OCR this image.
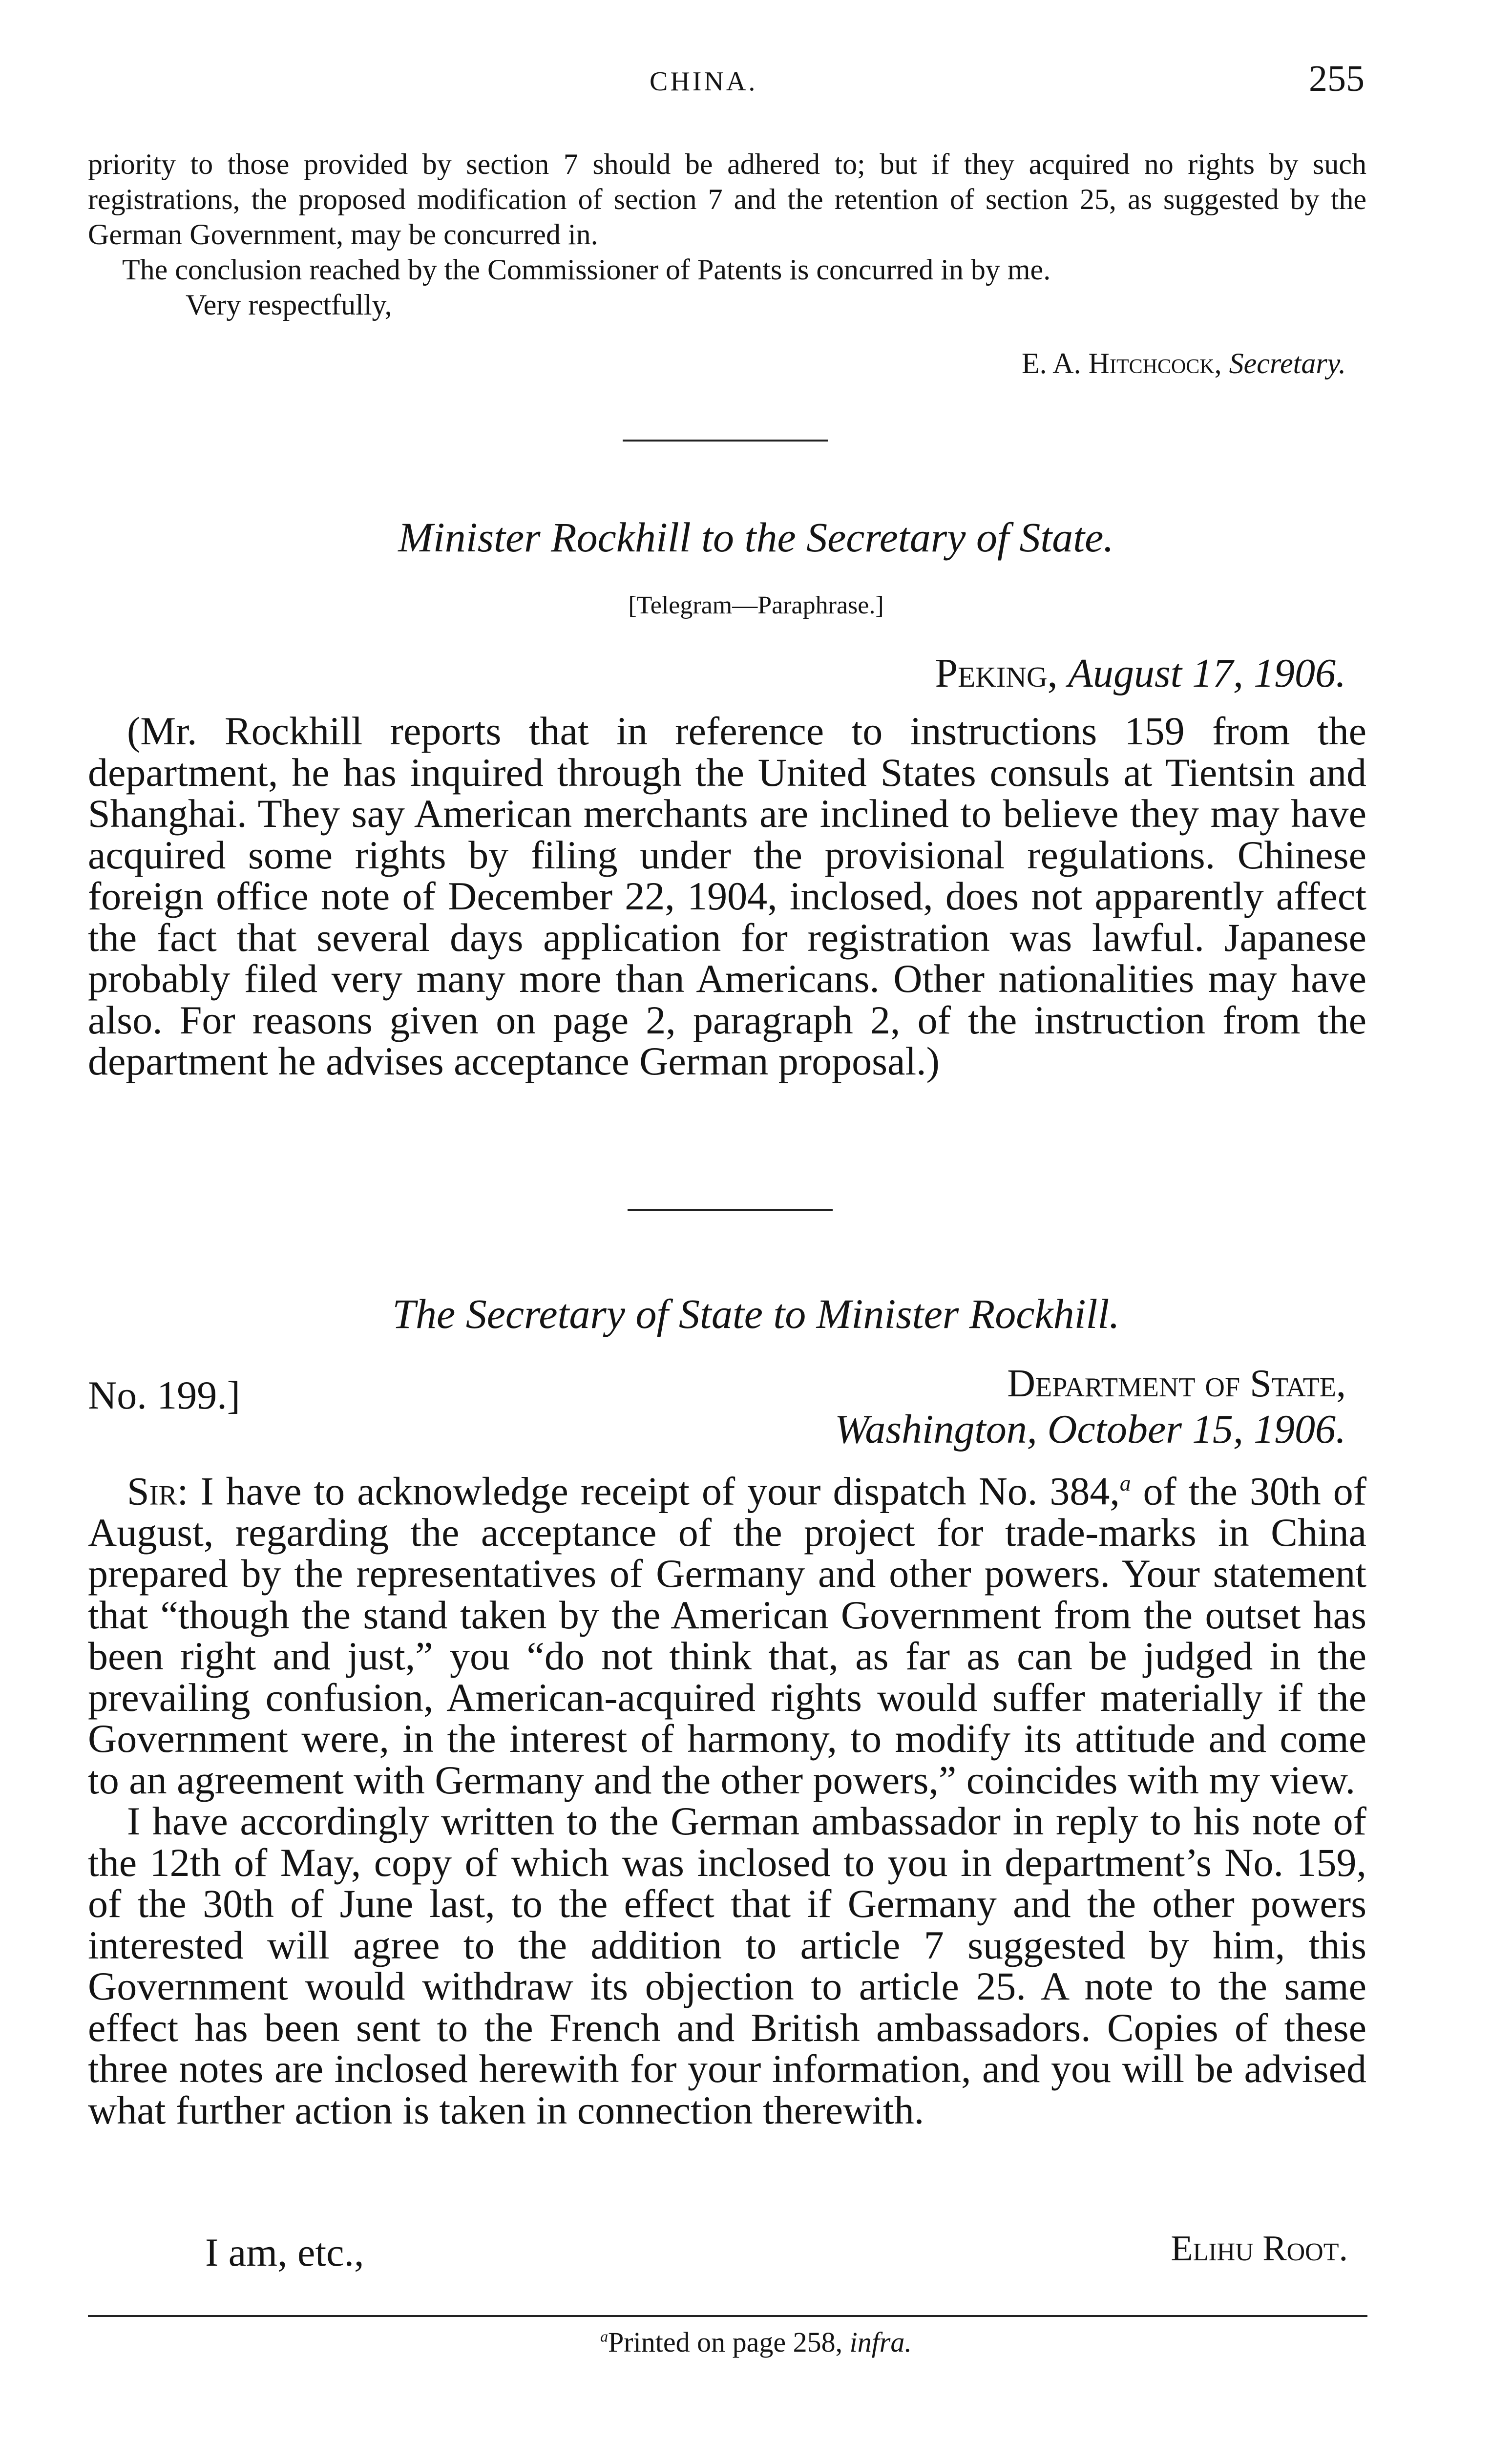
CHINA.	255

priority to those provided by section 7 should be adhered to; but if they acquired no rights by such registrations, the proposed modification of section 7 and the retention of section 25, as suggested by the German Government, may be concurred in.

The conclusion reached by the Commissioner of Patents is concurred in by me.

Very respectfully,

E. A. Hitchcock, Secretary.
Minister Rockhill to the Secretary of State.
[Telegram—Paraphrase.]
Peking, August 17, 1906.

(Mr. Rockhill reports that in reference to instructions 159 from the department, he has inquired through the United States consuls at Tientsin and Shanghai. They say American merchants are inclined to believe they may have acquired some rights by filing under the provisional regulations. Chinese foreign office note of December 22, 1904, inclosed, does not apparently affect the fact that several days application for registration was lawful. Japanese probably filed very many more than Americans. Other nationalities may have also. For reasons given on page 2, paragraph 2, of the instruction from the department he advises acceptance German proposal.)

The Secretary of State to Minister Rockhill.
No. 199.]	Department of State,
Washington, October 15, 1906.

Sir: I have to acknowledge receipt of your dispatch No. 384,$^a$ of the 30th of August, regarding the acceptance of the project for trade-marks in China prepared by the representatives of Germany and other powers. Your statement that “though the stand taken by the American Government from the outset has been right and just,” you “do not think that, as far as can be judged in the prevailing confusion, American-acquired rights would suffer materially if the Government were, in the interest of harmony, to modify its attitude and come to an agreement with Germany and the other powers,” coincides with my view.

I have accordingly written to the German ambassador in reply to his note of the 12th of May, copy of which was inclosed to you in department’s No. 159, of the 30th of June last, to the effect that if Germany and the other powers interested will agree to the addition to article 7 suggested by him, this Government would withdraw its objection to article 25. A note to the same effect has been sent to the French and British ambassadors. Copies of these three notes are inclosed herewith for your information, and you will be advised what further action is taken in connection therewith.

I am, etc.,	Elihu Root.
$^a$Printed on page 258, infra.
